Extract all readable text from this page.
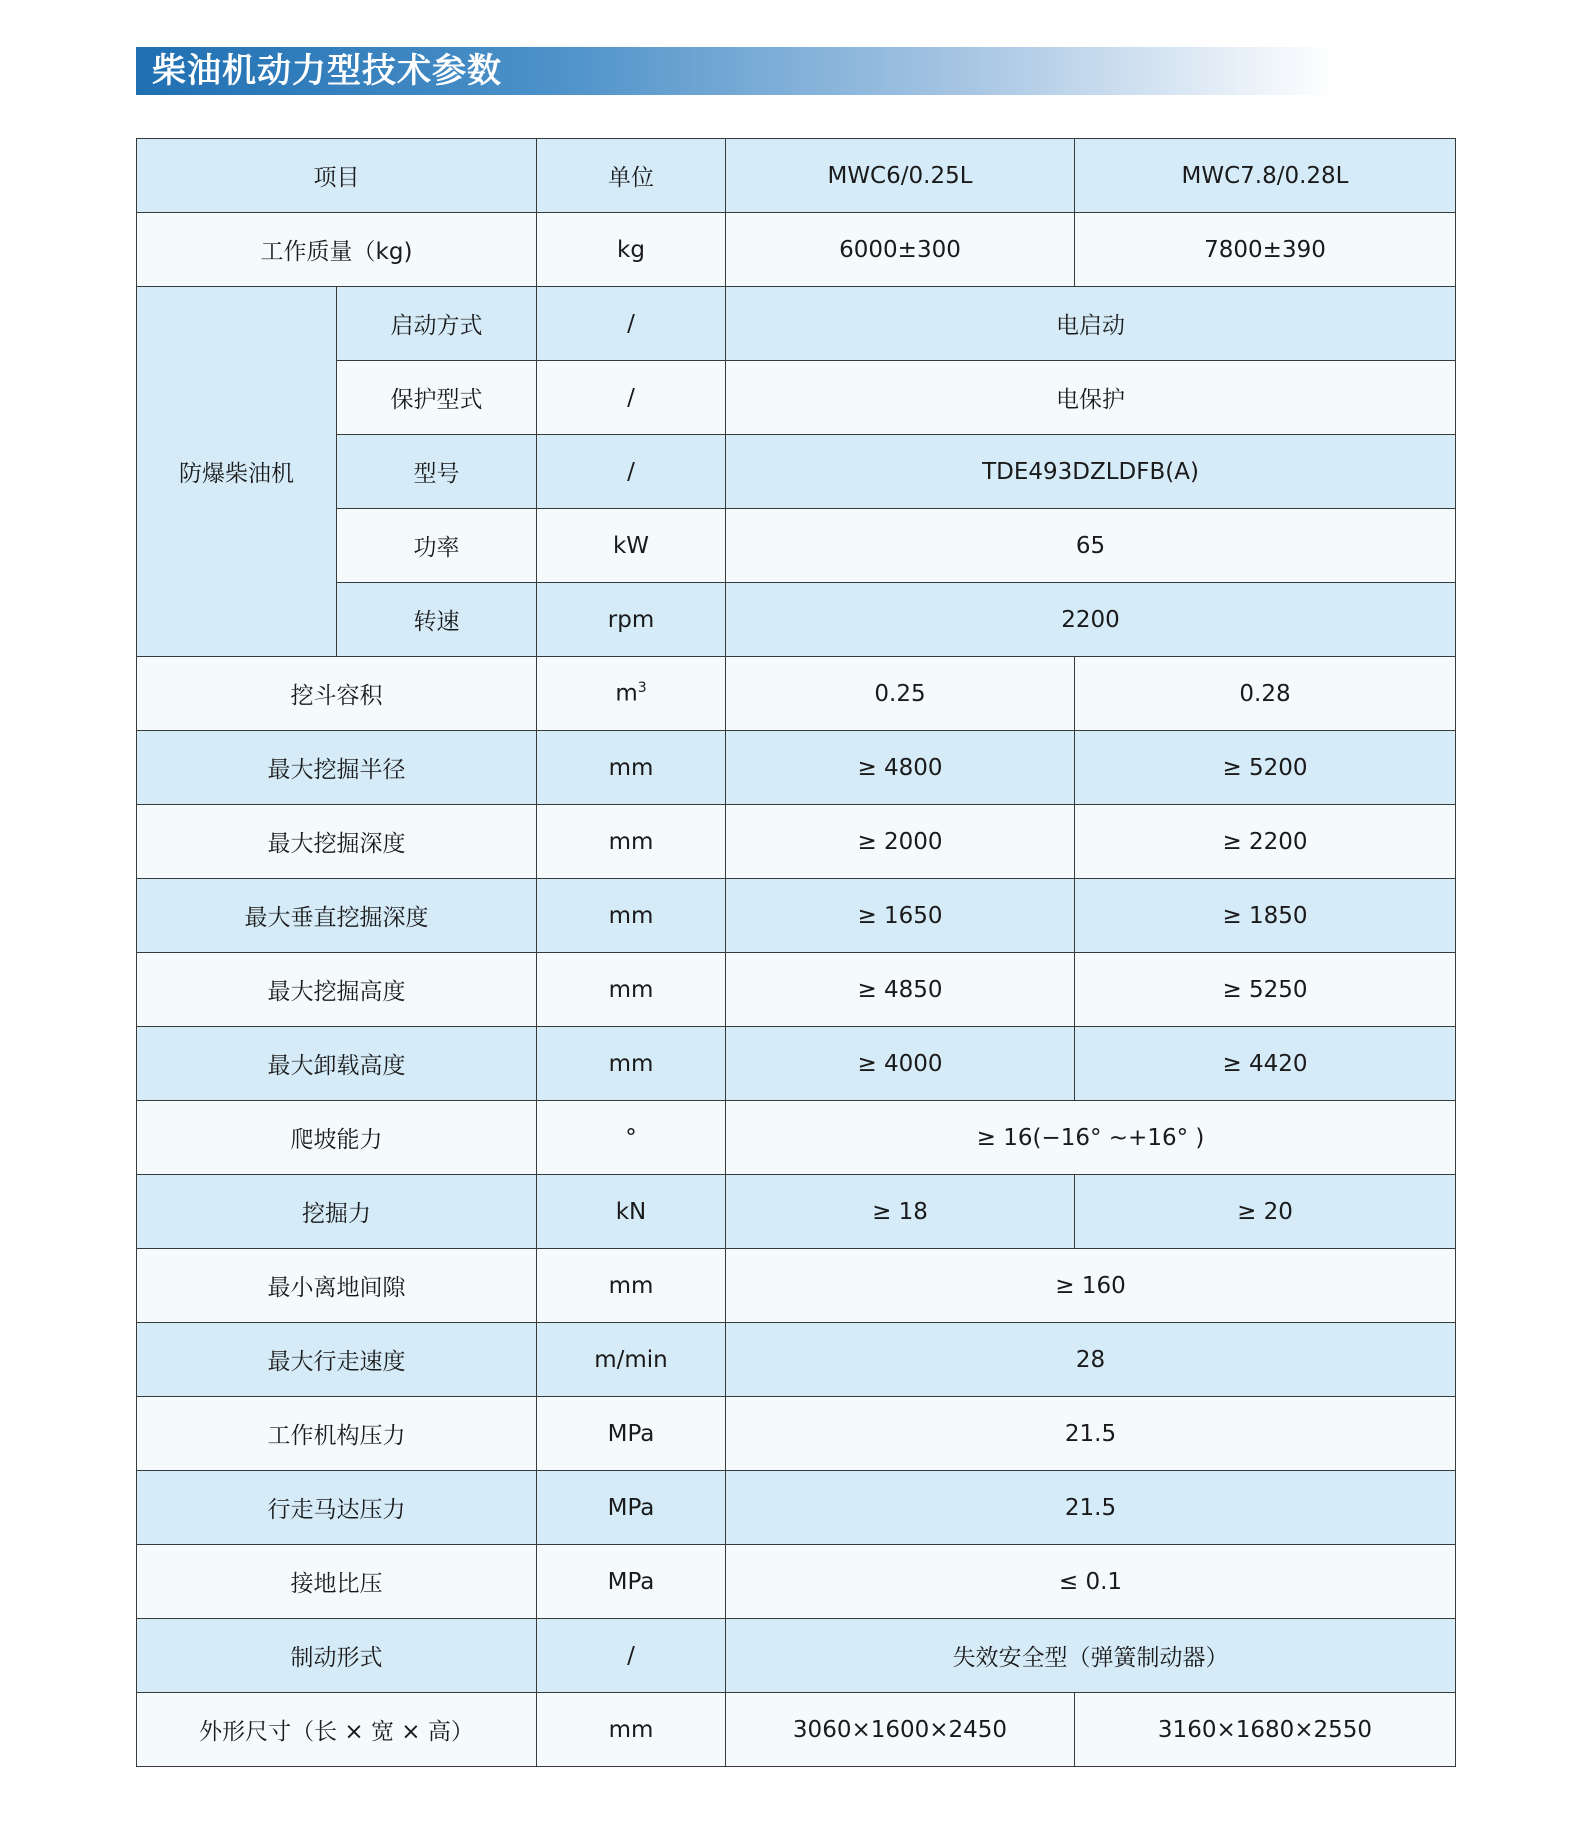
柴油机动力型技术参数
项目		单位	MWC6/0.25L	MWC7.8/0.28L
工作质量（kg)		kg	6000±300	7800±390
防爆柴油机	启动方式	/	电启动	
	保护型式	/	电保护	
	型号	/	TDE493DZLDFB(A)	
	功率	kW	65	
	转速	rpm	2200	
挖斗容积		$m^3$	0.25	0.28
最大挖掘半径		mm	≥ 4800	≥ 5200
最大挖掘深度		mm	≥ 2000	≥ 2200
最大垂直挖掘深度		mm	≥ 1650	≥ 1850
最大挖掘高度		mm	≥ 4850	≥ 5250
最大卸载高度		mm	≥ 4000	≥ 4420
爬坡能力		°	≥ 16(−16° ~+16° )	
挖掘力		kN	≥ 18	≥ 20
最小离地间隙		mm	≥ 160	
最大行走速度		m/min	28	
工作机构压力		MPa	21.5	
行走马达压力		MPa	21.5	
接地比压		MPa	≤ 0.1	
制动形式		/	失效安全型（弹簧制动器）	
外形尺寸（长 × 宽 × 高）		mm	3060×1600×2450	3160×1680×2550
